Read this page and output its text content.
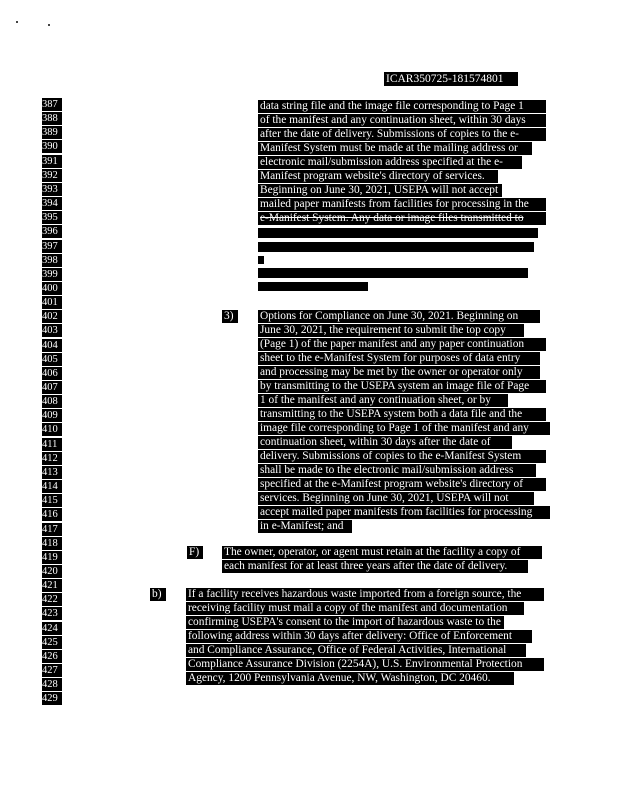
ICAR350725-181574801
387
388
389
390
391
392
393
394
395
396
397
398
399
400
401
402
403
404
405
406
407
408
409
410
411
412
413
414
415
416
417
418
419
420
421
422
423
424
425
426
427
428
429
data string file and the image file corresponding to Page 1
of the manifest and any continuation sheet, within 30 days
after the date of delivery. Submissions of copies to the e-
Manifest System must be made at the mailing address or
electronic mail/submission address specified at the e-
Manifest program website's directory of services.
Beginning on June 30, 2021, USEPA will not accept
mailed paper manifests from facilities for processing in the
e-Manifest System. Any data or image files transmitted to
3)	Options for Compliance on June 30, 2021. Beginning on
June 30, 2021, the requirement to submit the top copy
(Page 1) of the paper manifest and any paper continuation
sheet to the e-Manifest System for purposes of data entry
and processing may be met by the owner or operator only
by transmitting to the USEPA system an image file of Page
1 of the manifest and any continuation sheet, or by
transmitting to the USEPA system both a data file and the
image file corresponding to Page 1 of the manifest and any
continuation sheet, within 30 days after the date of
delivery. Submissions of copies to the e-Manifest System
shall be made to the electronic mail/submission address
specified at the e-Manifest program website's directory of
services. Beginning on June 30, 2021, USEPA will not
accept mailed paper manifests from facilities for processing
in e-Manifest; and
F)	The owner, operator, or agent must retain at the facility a copy of
each manifest for at least three years after the date of delivery.
b)	If a facility receives hazardous waste imported from a foreign source, the
receiving facility must mail a copy of the manifest and documentation
confirming USEPA's consent to the import of hazardous waste to the
following address within 30 days after delivery: Office of Enforcement
and Compliance Assurance, Office of Federal Activities, International
Compliance Assurance Division (2254A), U.S. Environmental Protection
Agency, 1200 Pennsylvania Avenue, NW, Washington, DC 20460.
